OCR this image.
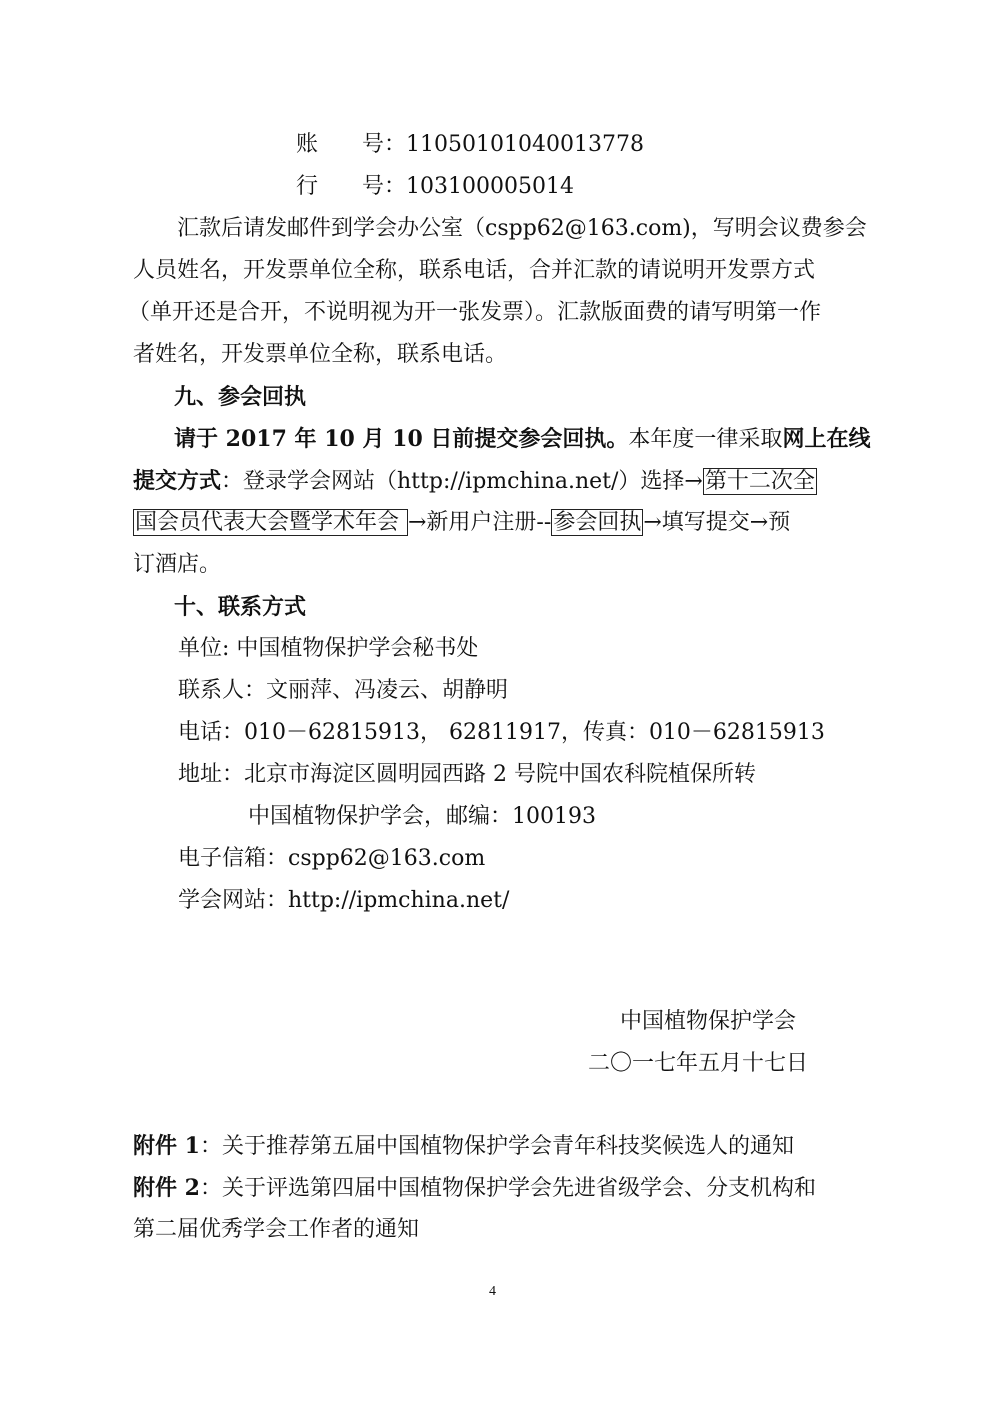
账　　号：11050101040013778
行　　号：103100005014
汇款后请发邮件到学会办公室（cspp62@163.com)，写明会议费参会
人员姓名，开发票单位全称，联系电话，合并汇款的请说明开发票方式
（单开还是合开，不说明视为开一张发票）。汇款版面费的请写明第一作
者姓名，开发票单位全称，联系电话。
九、参会回执
请于 2017 年 10 月 10 日前提交参会回执。本年度一律采取网上在线
提交方式：登录学会网站（http://ipmchina.net/）选择→第十二次全
国会员代表大会暨学术年会 →新用户注册--参会回执→填写提交→预
订酒店。
十、联系方式
单位: 中国植物保护学会秘书处
联系人：文丽萍、冯凌云、胡静明
电话：010－62815913， 62811917，传真：010－62815913
地址：北京市海淀区圆明园西路 2 号院中国农科院植保所转
中国植物保护学会，邮编：100193
电子信箱：cspp62@163.com
学会网站：http://ipmchina.net/
中国植物保护学会
二〇一七年五月十七日
附件 1：关于推荐第五届中国植物保护学会青年科技奖候选人的通知
附件 2：关于评选第四届中国植物保护学会先进省级学会、分支机构和
第二届优秀学会工作者的通知
4
